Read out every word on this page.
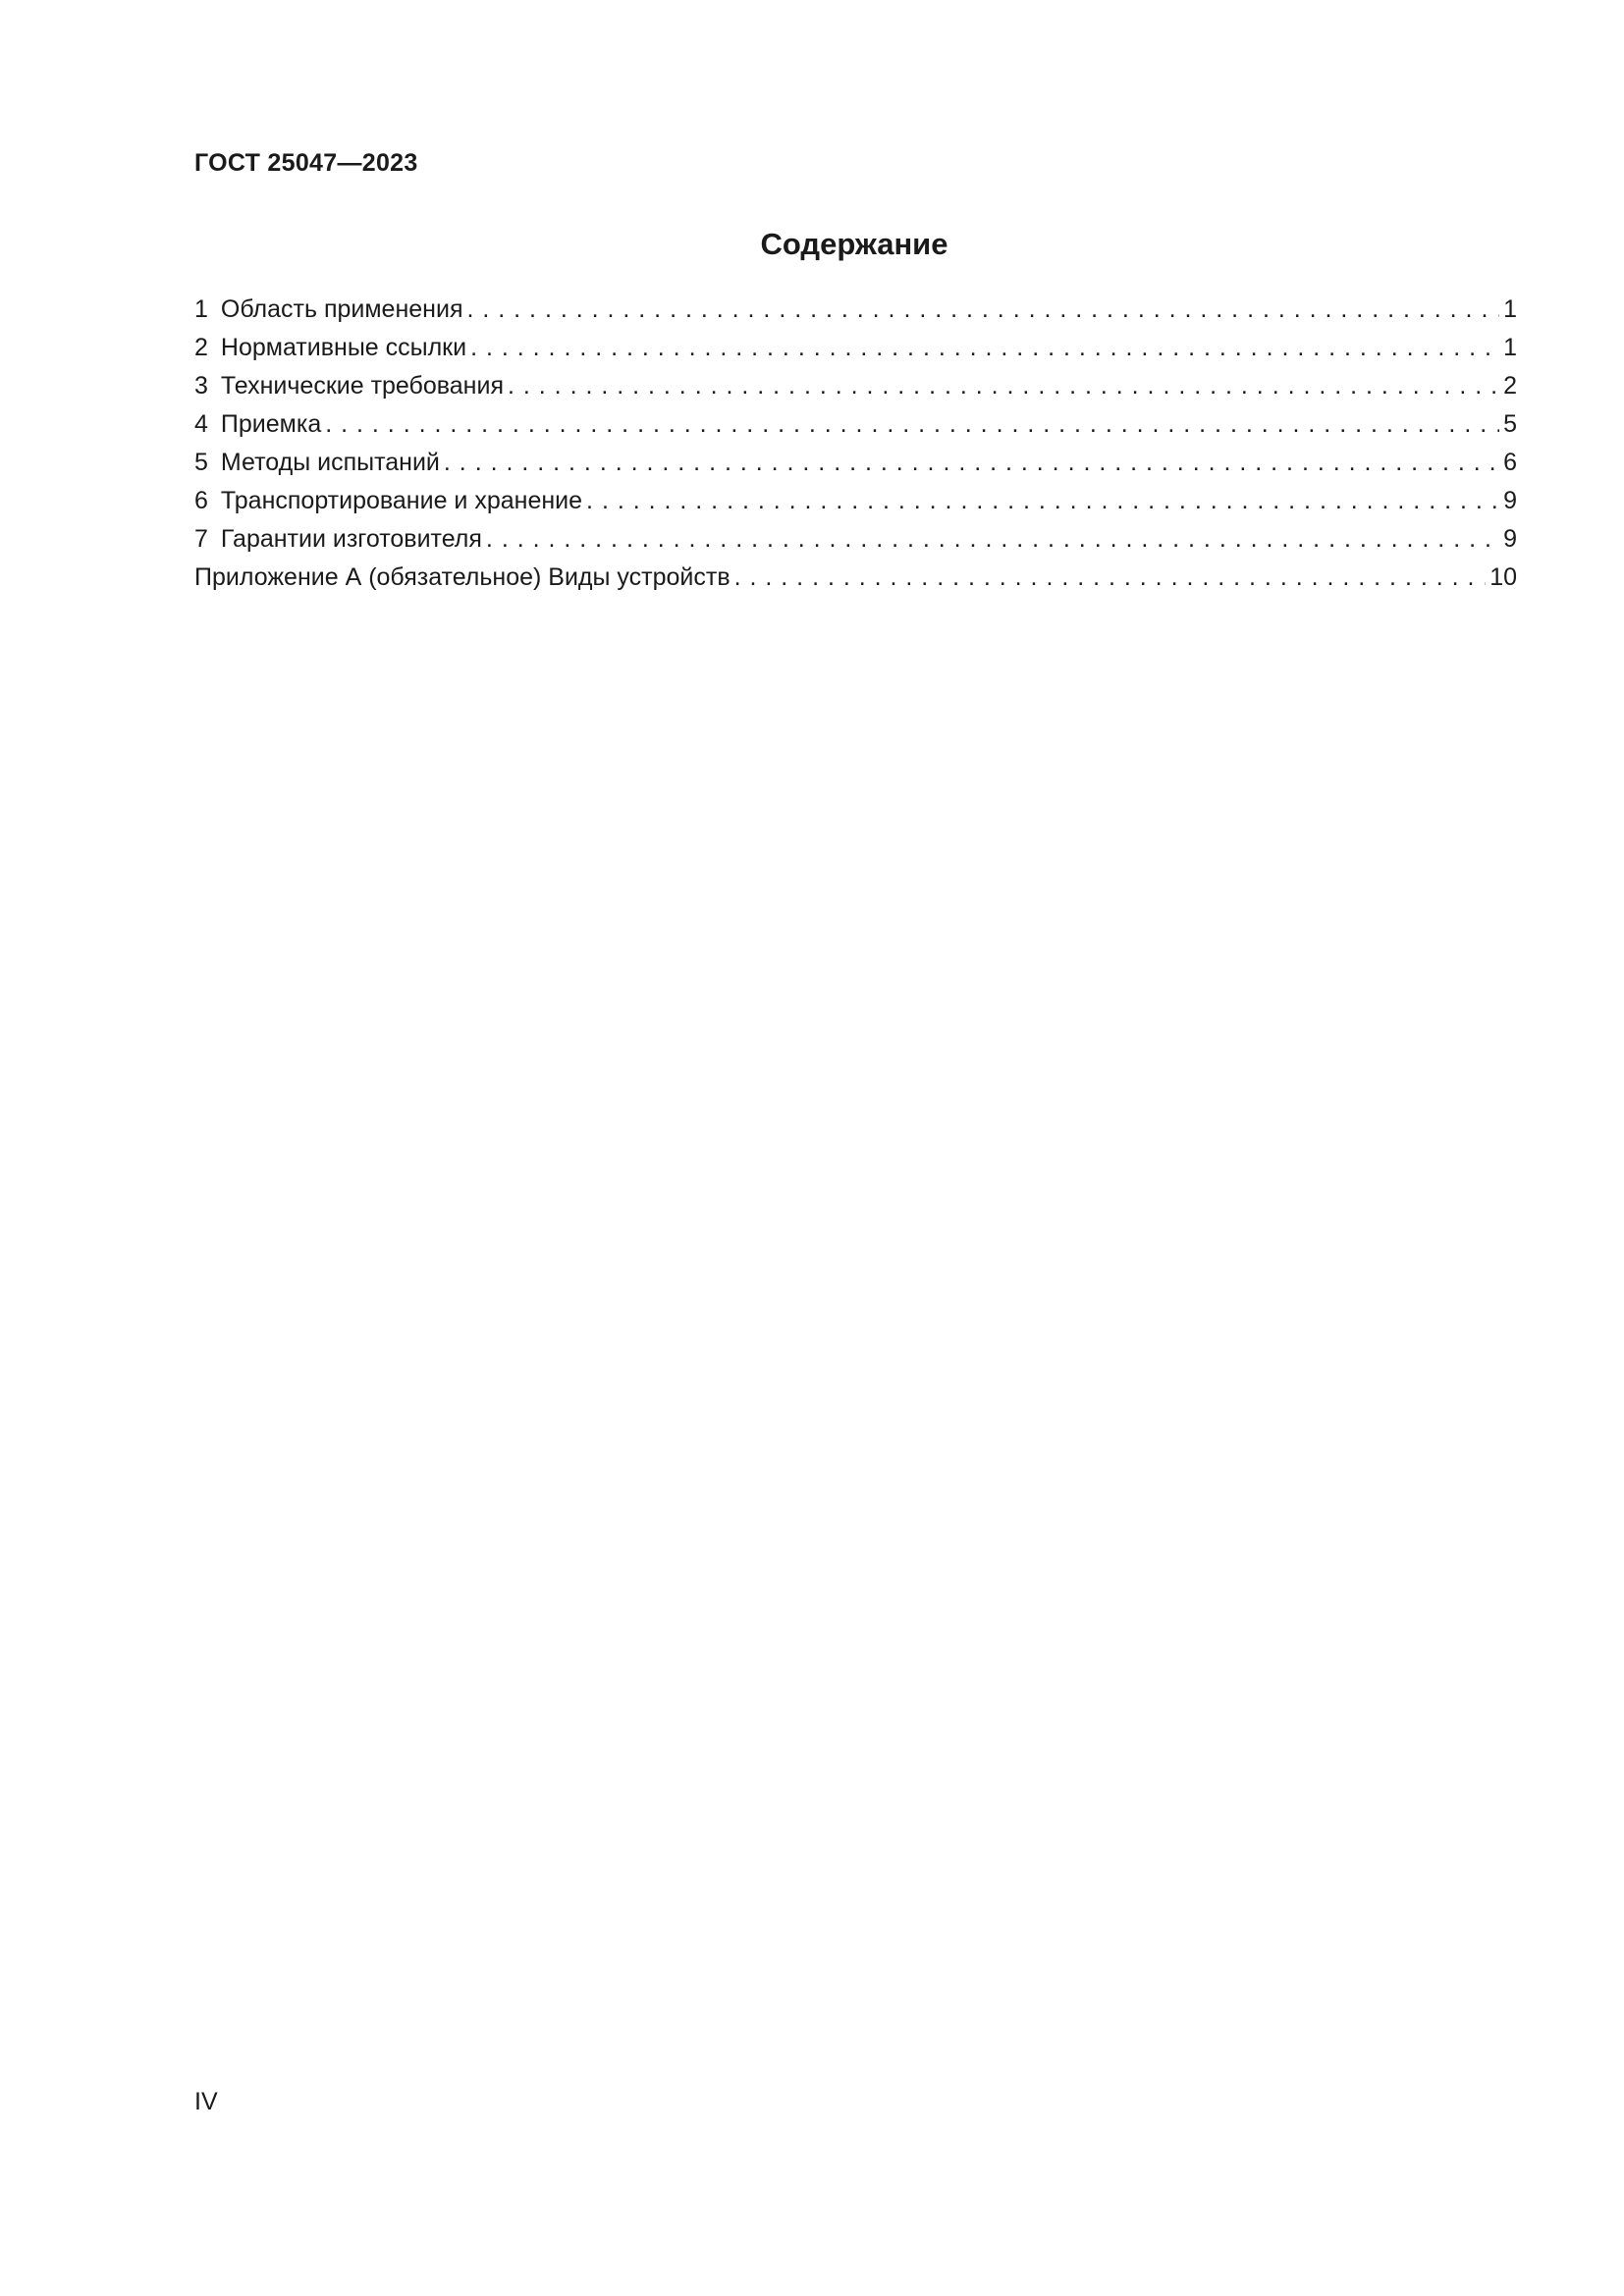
ГОСТ 25047—2023
Содержание
1 Область применения . . .	1
2 Нормативные ссылки . . .	1
3 Технические требования . . .	2
4 Приемка . . .	5
5 Методы испытаний . . .	6
6 Транспортирование и хранение . . .	9
7 Гарантии изготовителя . . .	9
Приложение А (обязательное) Виды устройств . . .	10
IV
